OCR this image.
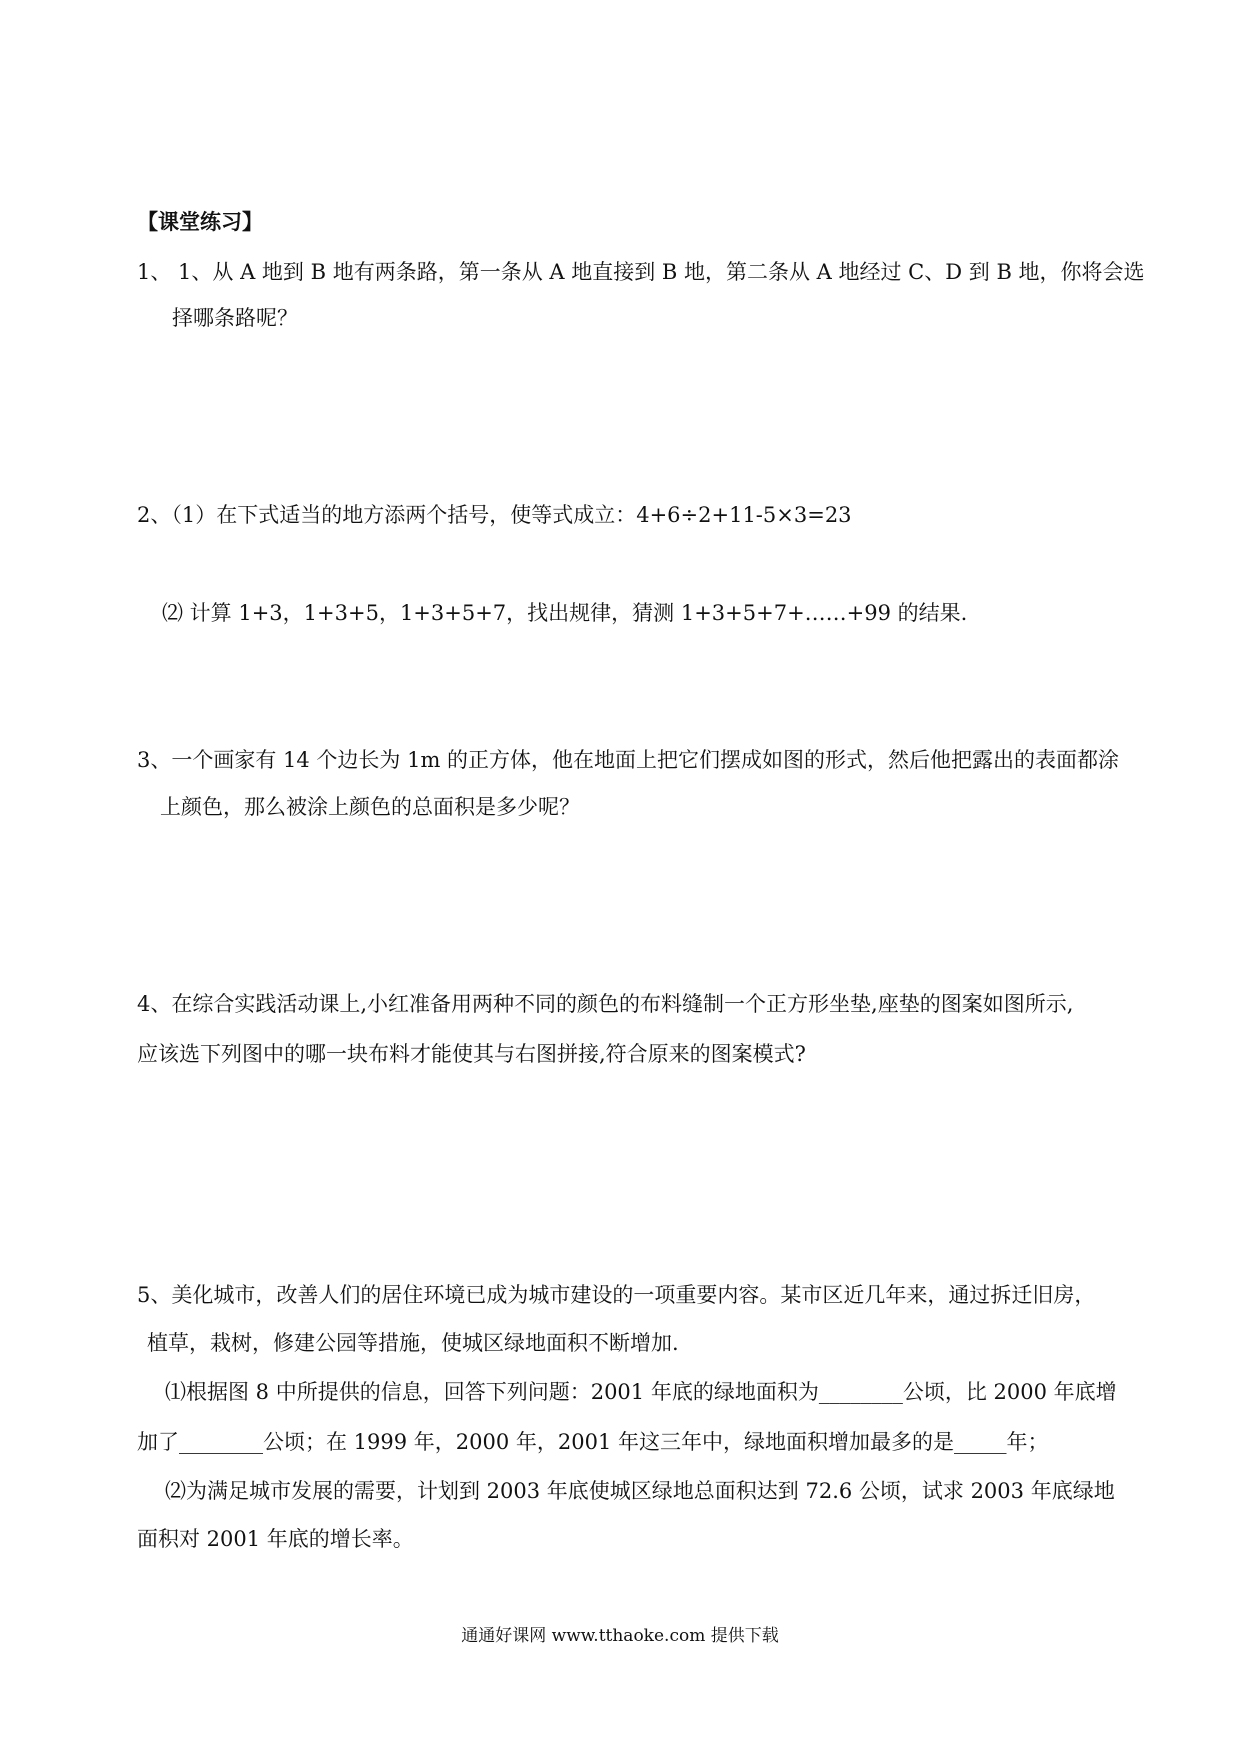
【课堂练习】
1、 1、从 A 地到 B 地有两条路，第一条从 A 地直接到 B 地，第二条从 A 地经过 C、D 到 B 地，你将会选
择哪条路呢？
2、（1）在下式适当的地方添两个括号，使等式成立：4+6÷2+11-5×3=23
⑵ 计算 1+3，1+3+5，1+3+5+7，找出规律，猜测 1+3+5+7+……+99 的结果.
3、一个画家有 14 个边长为 1m 的正方体，他在地面上把它们摆成如图的形式，然后他把露出的表面都涂
上颜色，那么被涂上颜色的总面积是多少呢？
4、在综合实践活动课上,小红准备用两种不同的颜色的布料缝制一个正方形坐垫,座垫的图案如图所示,
应该选下列图中的哪一块布料才能使其与右图拼接,符合原来的图案模式?
5、美化城市，改善人们的居住环境已成为城市建设的一项重要内容。某市区近几年来，通过拆迁旧房，
植草，栽树，修建公园等措施，使城区绿地面积不断增加.
⑴根据图 8 中所提供的信息，回答下列问题：2001 年底的绿地面积为________公顷，比 2000 年底增
加了________公顷；在 1999 年，2000 年，2001 年这三年中，绿地面积增加最多的是_____年；
⑵为满足城市发展的需要，计划到 2003 年底使城区绿地总面积达到 72.6 公顷，试求 2003 年底绿地
面积对 2001 年底的增长率。
通通好课网 www.tthaoke.com 提供下载
